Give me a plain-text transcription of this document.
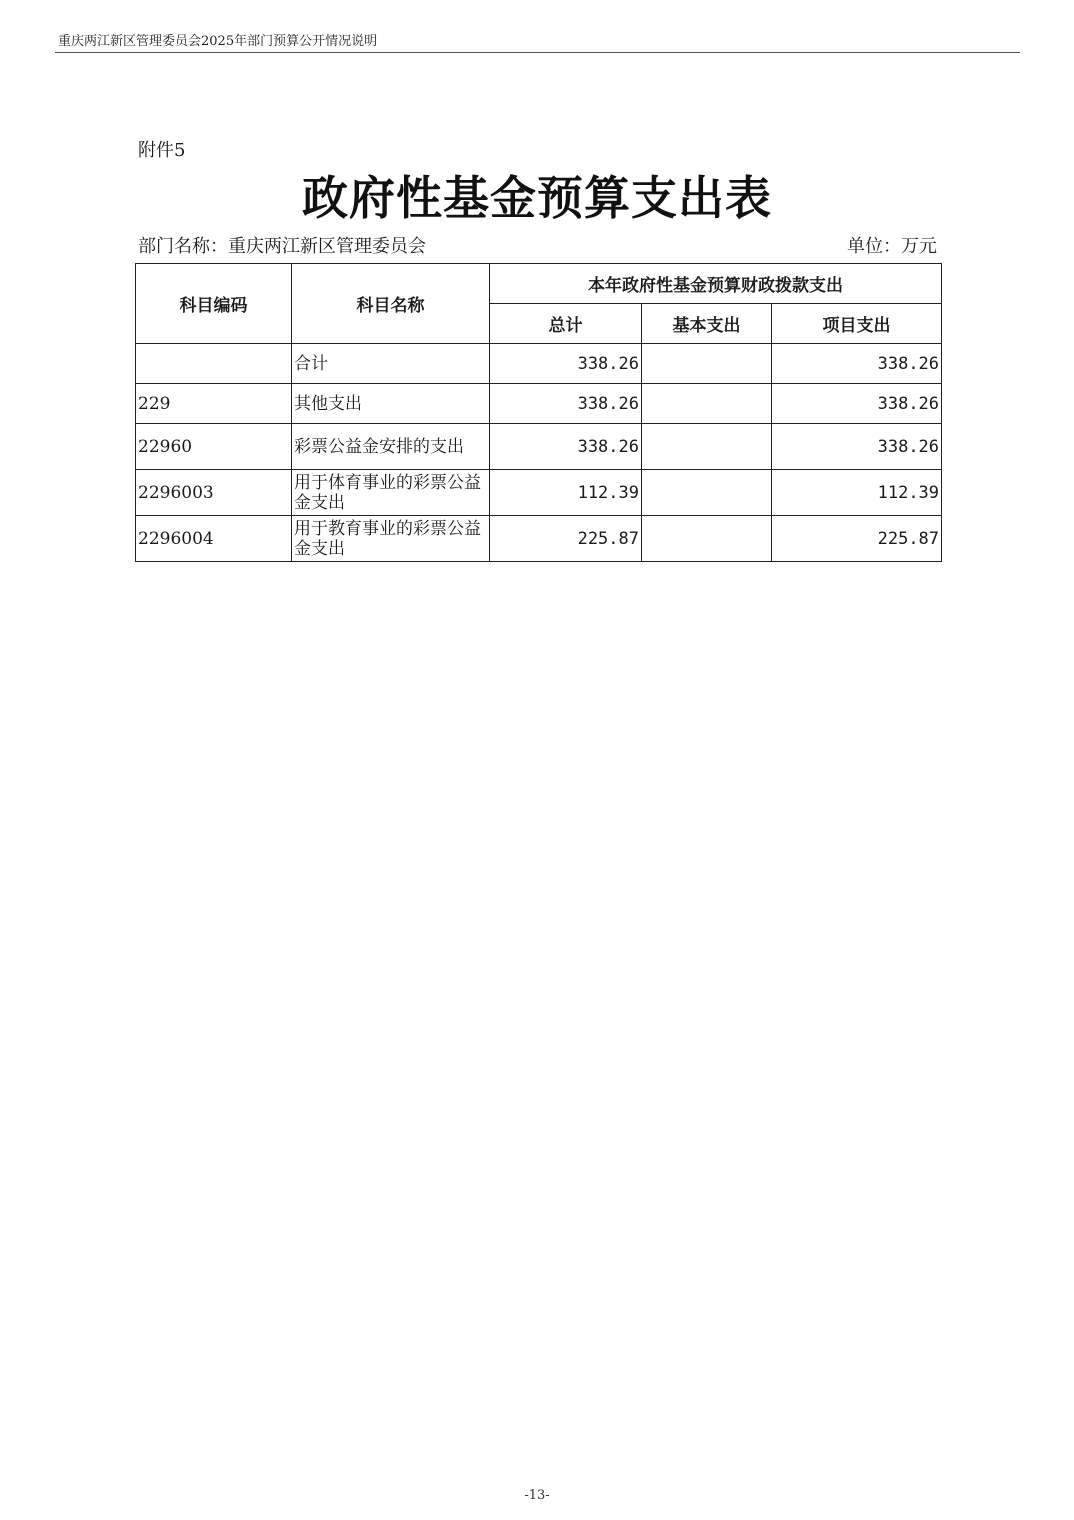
重庆两江新区管理委员会2025年部门预算公开情况说明
附件5
政府性基金预算支出表
部门名称：重庆两江新区管理委员会	单位：万元
科目编码	科目名称	本年政府性基金预算财政拨款支出		
		总计	基本支出	项目支出
	合计	338.26		338.26
229	其他支出	338.26		338.26
22960	彩票公益金安排的支出	338.26		338.26
2296003	用于体育事业的彩票公益金支出	112.39		112.39
2296004	用于教育事业的彩票公益金支出	225.87		225.87
-13-
